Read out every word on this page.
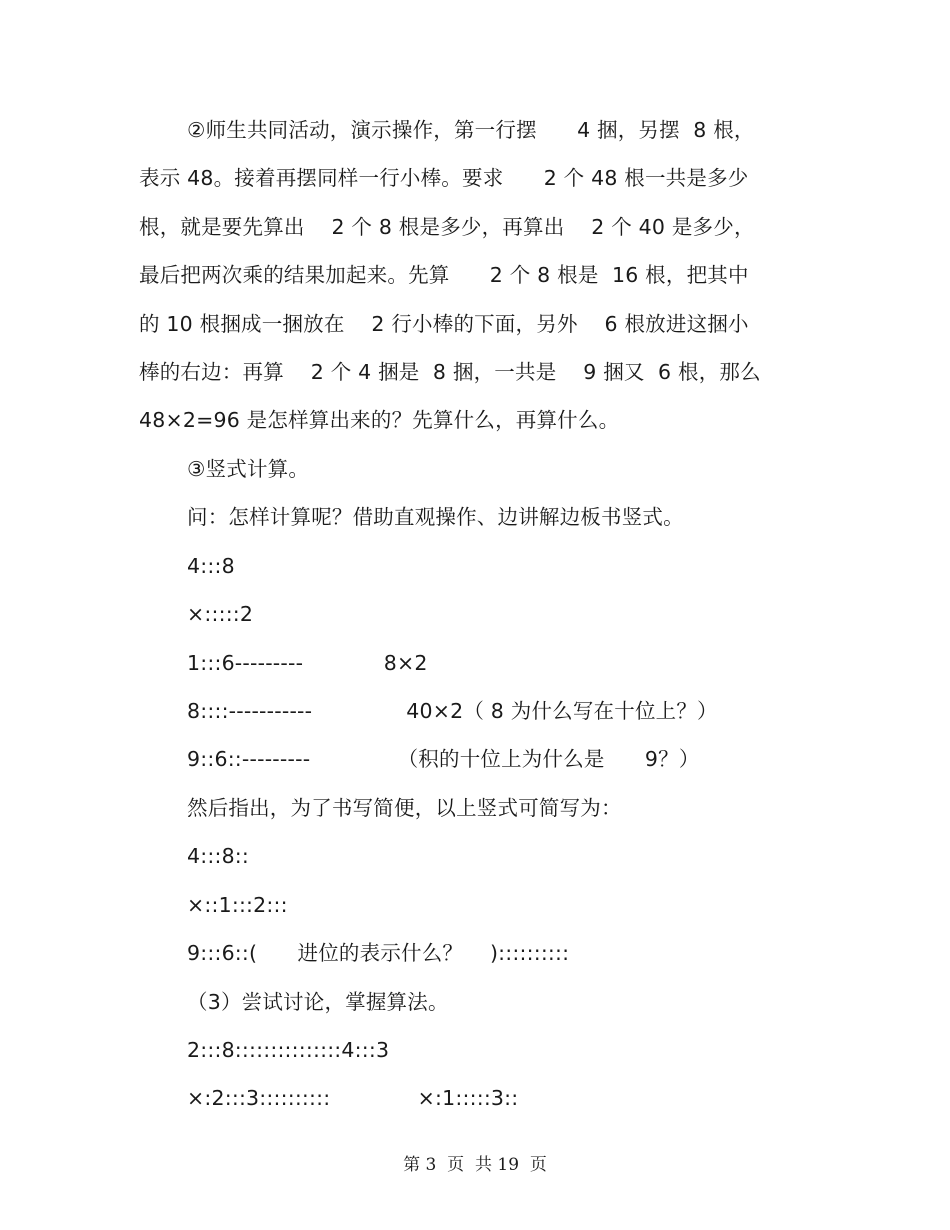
②师生共同活动，演示操作，第一行摆      4 捆，另摆  8 根，
表示 48。接着再摆同样一行小棒。要求      2 个 48 根一共是多少
根，就是要先算出    2 个 8 根是多少，再算出    2 个 40 是多少，
最后把两次乘的结果加起来。先算      2 个 8 根是  16 根，把其中
的 10 根捆成一捆放在    2 行小棒的下面，另外    6 根放进这捆小
棒的右边：再算    2 个 4 捆是  8 捆，一共是    9 捆又  6 根，那么
48×2=96 是怎样算出来的？先算什么，再算什么。
③竖式计算。
问：怎样计算呢？借助直观操作、边讲解边板书竖式。
4:::8
×:::::2
1:::6---------            8×2
8::::-----------              40×2（ 8 为什么写在十位上？）
9::6::---------             （积的十位上为什么是      9？）
然后指出，为了书写简便，以上竖式可简写为：
4:::8::
×::1:::2:::
9:::6::(      进位的表示什么？    )::::::::::
（3）尝试讨论，掌握算法。
2:::8:::::::::::::::4:::3
×:2:::3::::::::::             ×:1:::::3::
第 3  页  共 19  页
